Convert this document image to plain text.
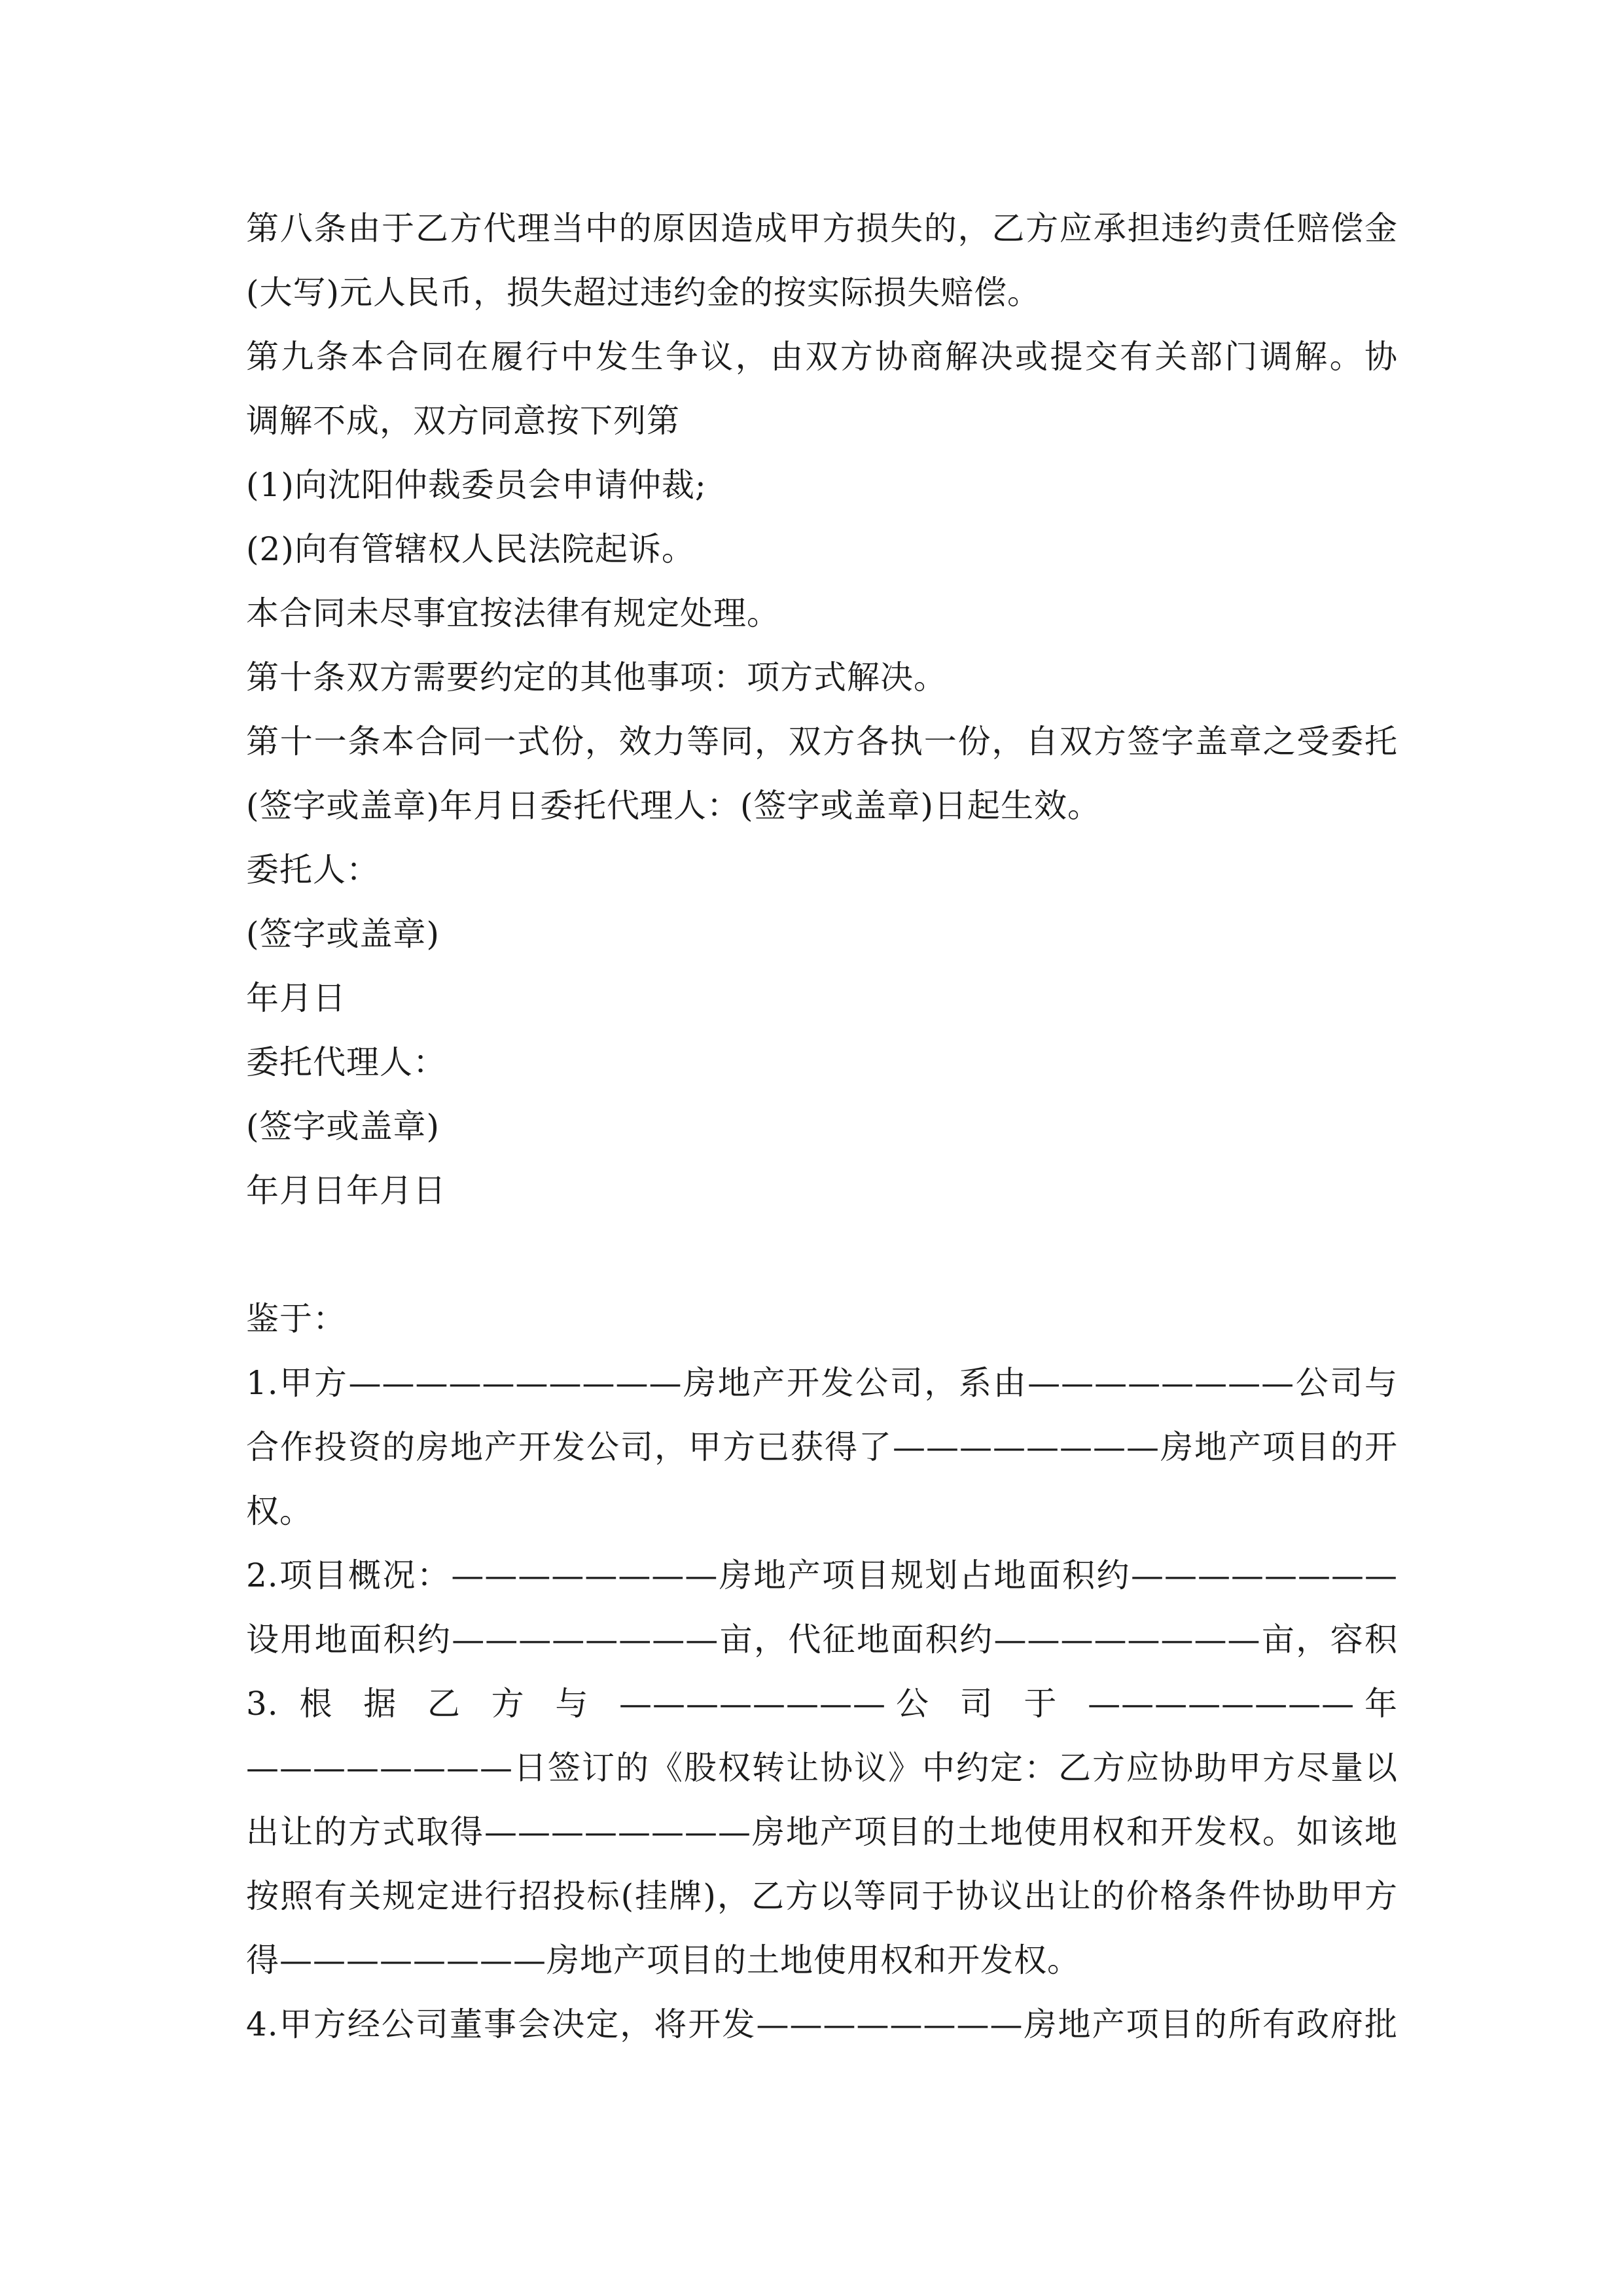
第八条由于乙方代理当中的原因造成甲方损失的，乙方应承担违约责任赔偿金
(大写)元人民币，损失超过违约金的按实际损失赔偿。
第九条本合同在履行中发生争议，由双方协商解决或提交有关部门调解。协
调解不成，双方同意按下列第
(1)向沈阳仲裁委员会申请仲裁;
(2)向有管辖权人民法院起诉。
本合同未尽事宜按法律有规定处理。
第十条双方需要约定的其他事项：项方式解决。
第十一条本合同一式份，效力等同，双方各执一份，自双方签字盖章之受委托
(签字或盖章)年月日委托代理人：(签字或盖章)日起生效。
委托人：
(签字或盖章)
年月日
委托代理人：
(签字或盖章)
年月日年月日
鉴于：
1.甲方——————————房地产开发公司，系由————————公司与
合作投资的房地产开发公司，甲方已获得了————————房地产项目的开
权。
2.项目概况：————————房地产项目规划占地面积约————————
设用地面积约————————亩，代征地面积约————————亩，容积
3. 根 据 乙 方 与 ————————公 司 于 ————————年
————————日签订的《股权转让协议》中约定：乙方应协助甲方尽量以
出让的方式取得————————房地产项目的土地使用权和开发权。如该地
按照有关规定进行招投标(挂牌)，乙方以等同于协议出让的价格条件协助甲方
得————————房地产项目的土地使用权和开发权。
4.甲方经公司董事会决定，将开发————————房地产项目的所有政府批
